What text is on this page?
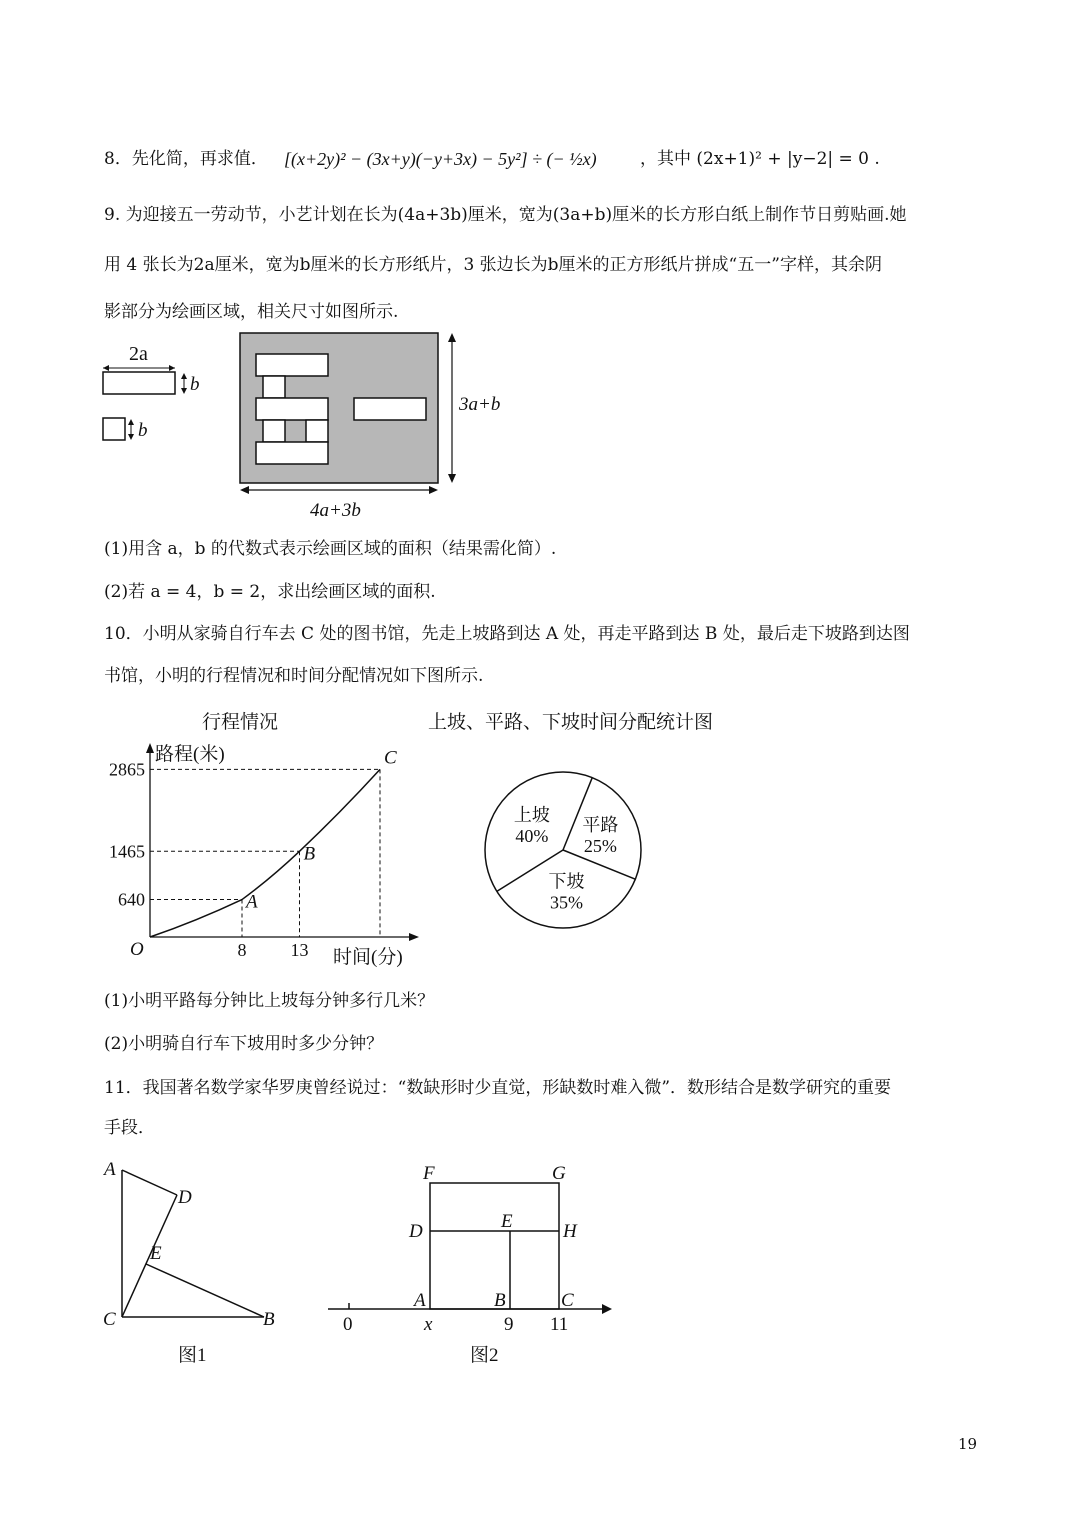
8．先化简，再求值． [(x+2y)² − (3x+y)(−y+3x) − 5y²] ÷ (− ½x)	，其中 (2x+1)² + |y−2| = 0 .
9. 为迎接五一劳动节，小艺计划在长为(4a+3b)厘米，宽为(3a+b)厘米的长方形白纸上制作节日剪贴画.她
用 4 张长为2a厘米，宽为b厘米的长方形纸片，3 张边长为b厘米的正方形纸片拼成“五一”字样，其余阴
影部分为绘画区域，相关尺寸如图所示.
2a
b
b
3a+b
4a+3b
(1)用含 a，b 的代数式表示绘画区域的面积（结果需化简）.
(2)若 a = 4，b = 2，求出绘画区域的面积.
10．小明从家骑自行车去 C 处的图书馆，先走上坡路到达 A 处，再走平路到达 B 处，最后走下坡路到达图
书馆，小明的行程情况和时间分配情况如下图所示.
行程情况	上坡、平路、下坡时间分配统计图
A
B
C
640
1465
2865
8 13
路程(米)
时间(分)
O
上坡
40%
平路
25%
下坡
35%
(1)小明平路每分钟比上坡每分钟多行几米？
(2)小明骑自行车下坡用时多少分钟？
11．我国著名数学家华罗庚曾经说过：“数缺形时少直觉，形缺数时难入微”．数形结合是数学研究的重要
手段．
A
D
E
C	B
图1
F	G
D	E	H
A	B	C
0	x	9 11
图2
19
